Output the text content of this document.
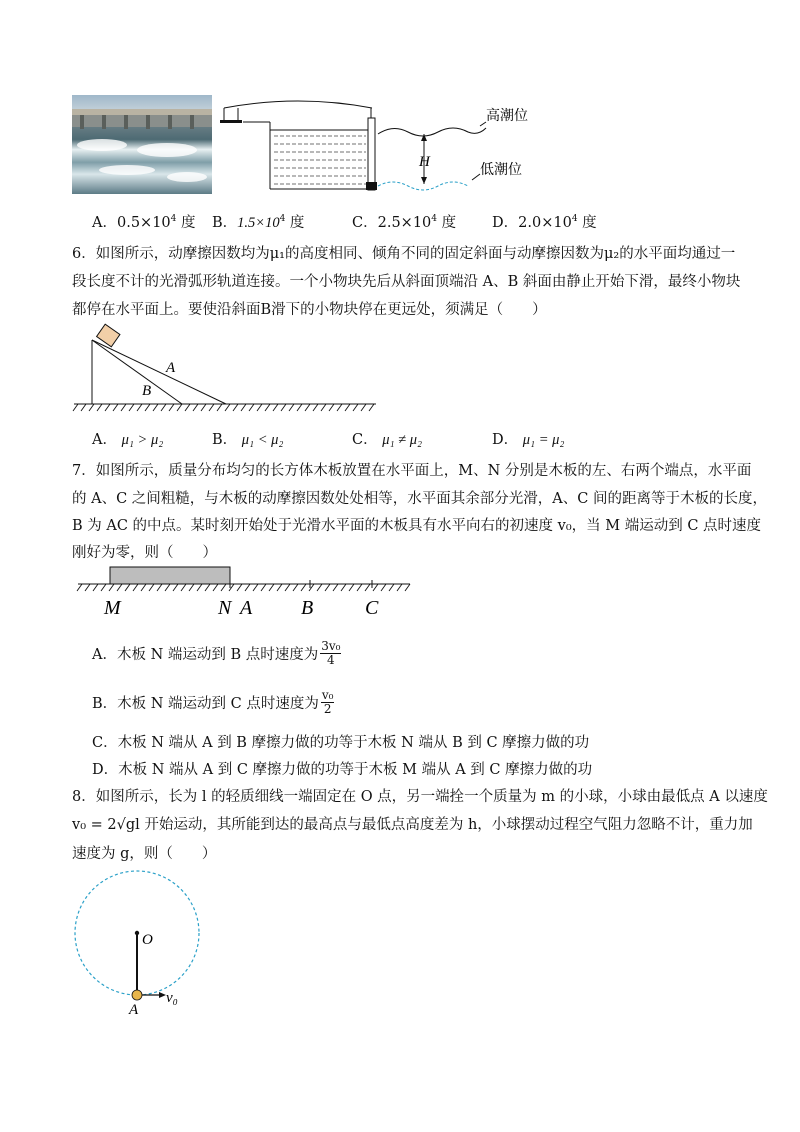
H
高潮位
低潮位
A．$0.5\times 10^4$ 度 B．$1.5\times 10^4$ 度	C．$2.5\times 10^4$ 度 D．$2.0\times 10^4$ 度
6．如图所示，动摩擦因数均为μ₁的高度相同、倾角不同的固定斜面与动摩擦因数为μ₂的水平面均通过一
段长度不计的光滑弧形轨道连接。一个小物块先后从斜面顶端沿 A、B 斜面由静止开始下滑，最终小物块
都停在水平面上。要使沿斜面B滑下的小物块停在更远处，须满足（　　）
A
B
A． μ₁ > μ₂	B． μ₁ < μ₂	C． μ₁ ≠ μ₂	D． μ₁ = μ₂
7．如图所示，质量分布均匀的长方体木板放置在水平面上，M、N 分别是木板的左、右两个端点，水平面
的 A、C 之间粗糙，与木板的动摩擦因数处处相等，水平面其余部分光滑，A、C 间的距离等于木板的长度，
B 为 AC 的中点。某时刻开始处于光滑水平面的木板具有水平向右的初速度 v₀，当 M 端运动到 C 点时速度
刚好为零，则（　　）
M	N A B	C
A．木板 N 端运动到 B 点时速度为 $\frac{\text{3v₀}}{4}$
B．木板 N 端运动到 C 点时速度为 $\frac{\text{v₀}}{2}$
C．木板 N 端从 A 到 B 摩擦力做的功等于木板 N 端从 B 到 C 摩擦力做的功
D．木板 N 端从 A 到 C 摩擦力做的功等于木板 M 端从 A 到 C 摩擦力做的功
8．如图所示，长为 l 的轻质细线一端固定在 O 点，另一端拴一个质量为 m 的小球，小球由最低点 A 以速度
v₀ = 2√gl 开始运动，其所能到达的最高点与最低点高度差为 h，小球摆动过程空气阻力忽略不计，重力加
速度为 g，则（　　）
O
A
v₀
